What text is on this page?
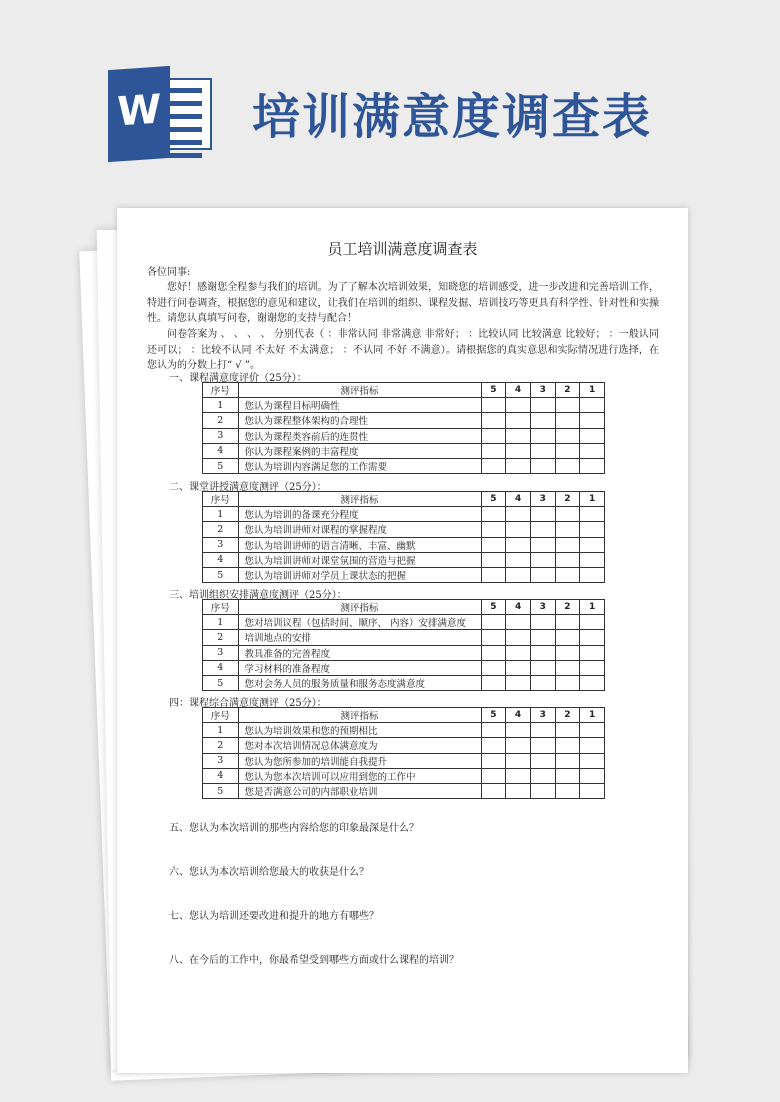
W 培训满意度调查表
员工培训满意度调查表
各位同事:
您好！感谢您全程参与我们的培训。为了了解本次培训效果，知晓您的培训感受，进一步改进和完善培训工作，特进行问卷调查，根据您的意见和建议，让我们在培训的组织、课程发掘、培训技巧等更具有科学性、针对性和实操性。请您认真填写问卷，谢谢您的支持与配合！
问卷答案为 、 、 、 、 分别代表（ ：非常认同 非常满意 非常好； ：比较认同 比较满意 比较好； ：一般认同 还可以； ：比较不认同 不太好 不太满意； ：不认同 不好 不满意）。请根据您的真实意思和实际情况进行选择，在您认为的分数上打“ √ ”。
一、课程满意度评价（25分）：
序号	测评指标	5	4	3	2	1
1	您认为课程目标明确性					
2	您认为课程整体架构的合理性					
3	您认为课程类容前后的连贯性					
4	你认为课程案例的丰富程度					
5	您认为培训内容满足您的工作需要					
二、课堂讲授满意度测评（25分）：
序号	测评指标	5	4	3	2	1
1	您认为培训的备课充分程度					
2	您认为培训讲师对课程的掌握程度					
3	您认为培训讲师的语言清晰、丰富、幽默					
4	您认为培训讲师对课堂氛围的营造与把握					
5	您认为培训讲师对学员上课状态的把握					
三、培训组织安排满意度测评（25分）：
序号	测评指标	5	4	3	2	1
1	您对培训议程（包括时间、顺序、 内容）安排满意度					
2	培训地点的安排					
3	教具准备的完善程度					
4	学习材料的准备程度					
5	您对会务人员的服务质量和服务态度满意度					
四：课程综合满意度测评（25分）：
序号	测评指标	5	4	3	2	1
1	您认为培训效果和您的预期相比					
2	您对本次培训情况总体满意度为					
3	您认为您所参加的培训能自我提升					
4	您认为您本次培训可以应用到您的工作中					
5	您是否满意公司的内部职业培训					
五、您认为本次培训的那些内容给您的印象最深是什么？
六、您认为本次培训给您最大的收获是什么？
七、您认为培训还要改进和提升的地方有哪些？
八、在今后的工作中，你最希望受到哪些方面或什么课程的培训？
